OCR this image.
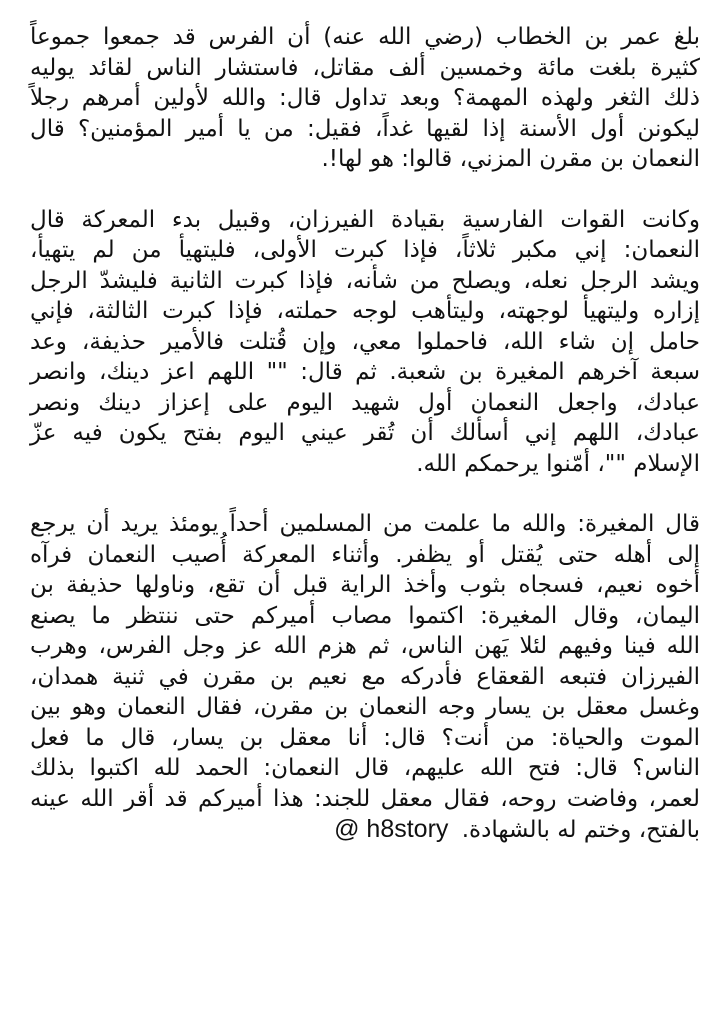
بلغ عمر بن الخطاب (رضي الله عنه) أن الفرس قد جمعوا جموعاً
كثيرة بلغت مائة وخمسين ألف مقاتل، فاستشار الناس لقائد يوليه
ذلك الثغر ولهذه المهمة؟ وبعد تداول قال: والله لأولين أمرهم رجلاً
ليكونن أول الأسنة إذا لقيها غداً، فقيل: من يا أمير المؤمنين؟ قال
النعمان بن مقرن المزني، قالوا: هو لها!.

وكانت القوات الفارسية بقيادة الفيرزان، وقبيل بدء المعركة قال
النعمان: إني مكبر ثلاثاً، فإذا كبرت الأولى، فليتهيأ من لم يتهيأ،
ويشد الرجل نعله، ويصلح من شأنه، فإذا كبرت الثانية فليشدّ الرجل
إزاره وليتهيأ لوجهته، وليتأهب لوجه حملته، فإذا كبرت الثالثة، فإني
حامل إن شاء الله، فاحملوا معي، وإن قُتلت فالأمير حذيفة، وعد
سبعة آخرهم المغيرة بن شعبة. ثم قال: "" اللهم اعز دينك، وانصر
عبادك، واجعل النعمان أول شهيد اليوم على إعزاز دينك ونصر
عبادك، اللهم إني أسألك أن تُقر عيني اليوم بفتح يكون فيه عزّ
الإسلام ""، أمّنوا يرحمكم الله.

قال المغيرة: والله ما علمت من المسلمين أحداً يومئذ يريد أن يرجع
إلى أهله حتى يُقتل أو يظفر. وأثناء المعركة أُصيب النعمان فرآه
أخوه نعيم، فسجاه بثوب وأخذ الراية قبل أن تقع، وناولها حذيفة بن
اليمان، وقال المغيرة: اكتموا مصاب أميركم حتى ننتظر ما يصنع
الله فينا وفيهم لئلا يَهن الناس، ثم هزم الله عز وجل الفرس، وهرب
الفيرزان فتبعه القعقاع فأدركه مع نعيم بن مقرن في ثنية همدان،
وغسل معقل بن يسار وجه النعمان بن مقرن، فقال النعمان وهو بين
الموت والحياة: من أنت؟ قال: أنا معقل بن يسار، قال ما فعل
الناس؟ قال: فتح الله عليهم، قال النعمان: الحمد لله اكتبوا بذلك
لعمر، وفاضت روحه، فقال معقل للجند: هذا أميركم قد أقر الله عينه
بالفتح، وختم له بالشهادة. @ h8story
